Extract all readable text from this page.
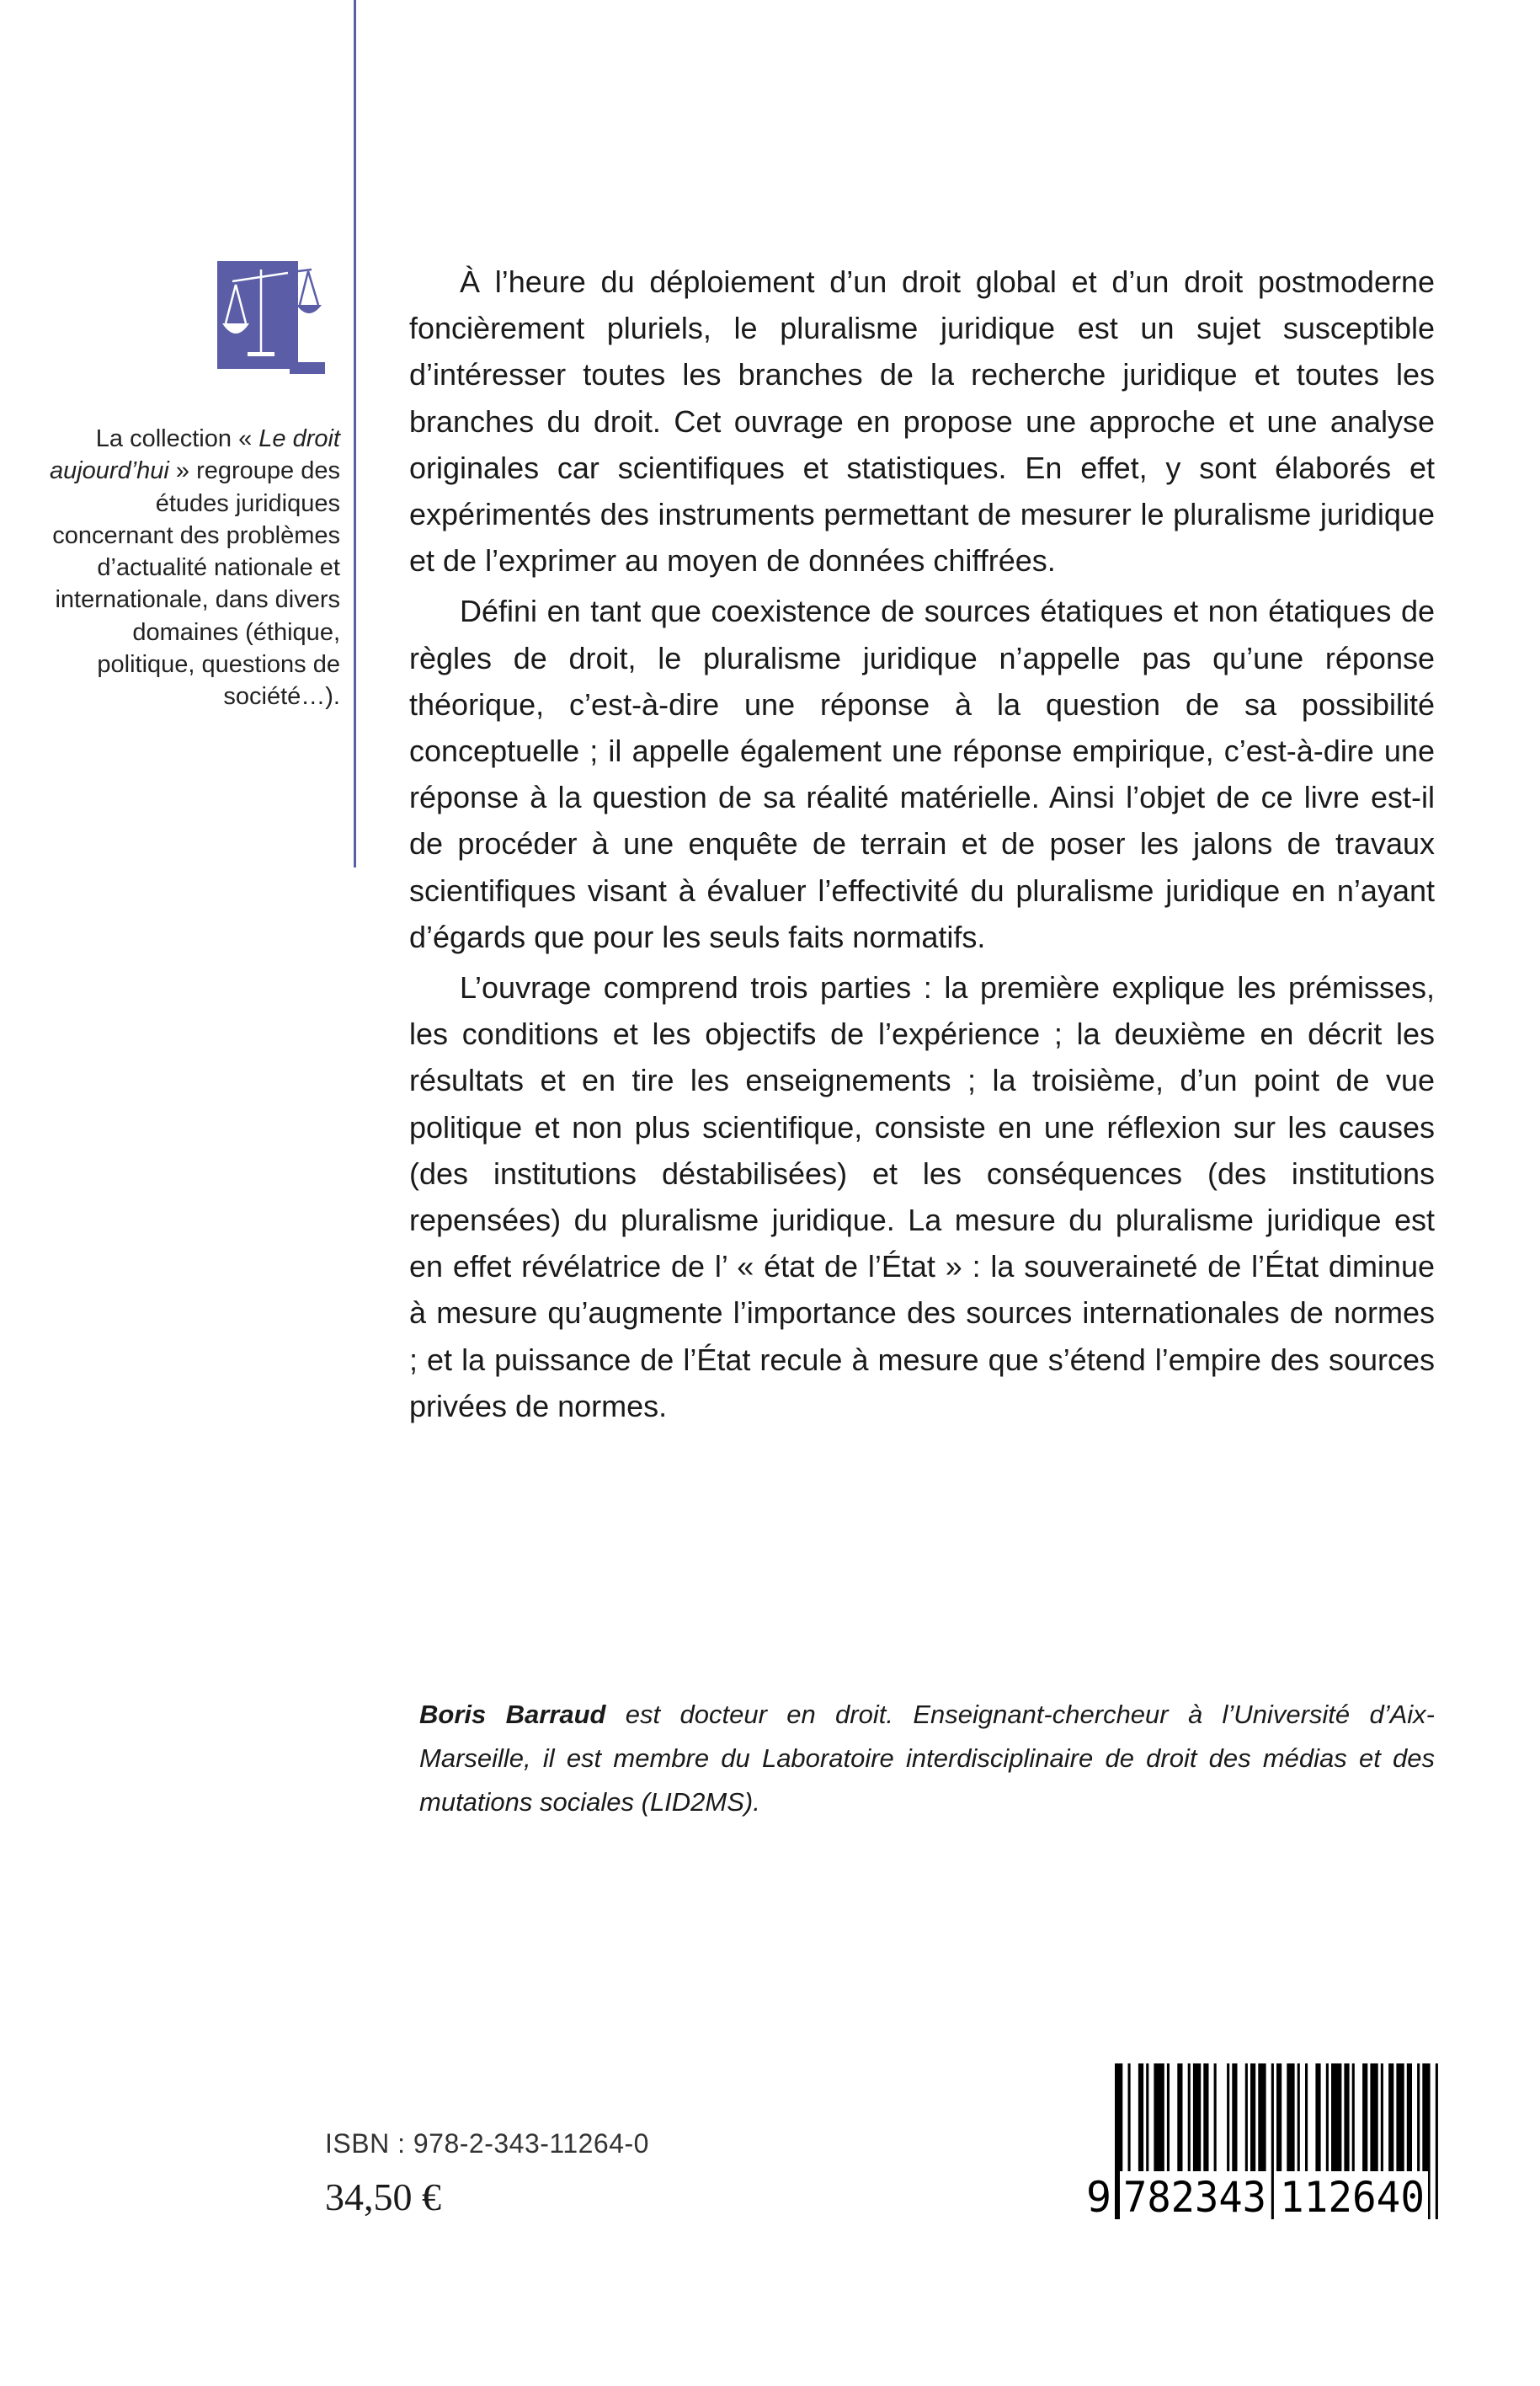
La collection « Le droit aujourd’hui » regroupe des études juridiques concernant des problèmes d’actualité nationale et internationale, dans divers domaines (éthique, politique, questions de société…).

À l’heure du déploiement d’un droit global et d’un droit postmoderne foncièrement pluriels, le pluralisme juridique est un sujet susceptible d’intéresser toutes les branches de la recherche juridique et toutes les branches du droit. Cet ouvrage en propose une approche et une analyse originales car scientifiques et statistiques. En effet, y sont élaborés et expérimentés des instruments permettant de mesurer le pluralisme juridique et de l’exprimer au moyen de données chiffrées.

Défini en tant que coexistence de sources étatiques et non étatiques de règles de droit, le pluralisme juridique n’appelle pas qu’une réponse théorique, c’est-à-dire une réponse à la question de sa possibilité conceptuelle ; il appelle également une réponse empirique, c’est-à-dire une réponse à la question de sa réalité matérielle. Ainsi l’objet de ce livre est-il de procéder à une enquête de terrain et de poser les jalons de travaux scientifiques visant à évaluer l’effectivité du pluralisme juridique en n’ayant d’égards que pour les seuls faits normatifs.

L’ouvrage comprend trois parties : la première explique les prémisses, les conditions et les objectifs de l’expérience ; la deuxième en décrit les résultats et en tire les enseignements ; la troisième, d’un point de vue politique et non plus scientifique, consiste en une réflexion sur les causes (des institutions déstabilisées) et les conséquences (des institutions repensées) du pluralisme juridique. La mesure du pluralisme juridique est en effet révélatrice de l’ « état de l’État » : la souveraineté de l’État diminue à mesure qu’augmente l’importance des sources internationales de normes ; et la puissance de l’État recule à mesure que s’étend l’empire des sources privées de normes.

Boris Barraud est docteur en droit. Enseignant-chercheur à l’Université d’Aix-Marseille, il est membre du Laboratoire interdisciplinaire de droit des médias et des mutations sociales (LID2MS).
ISBN : 978-2-343-11264-0
34,50 €	9 782343 112640
